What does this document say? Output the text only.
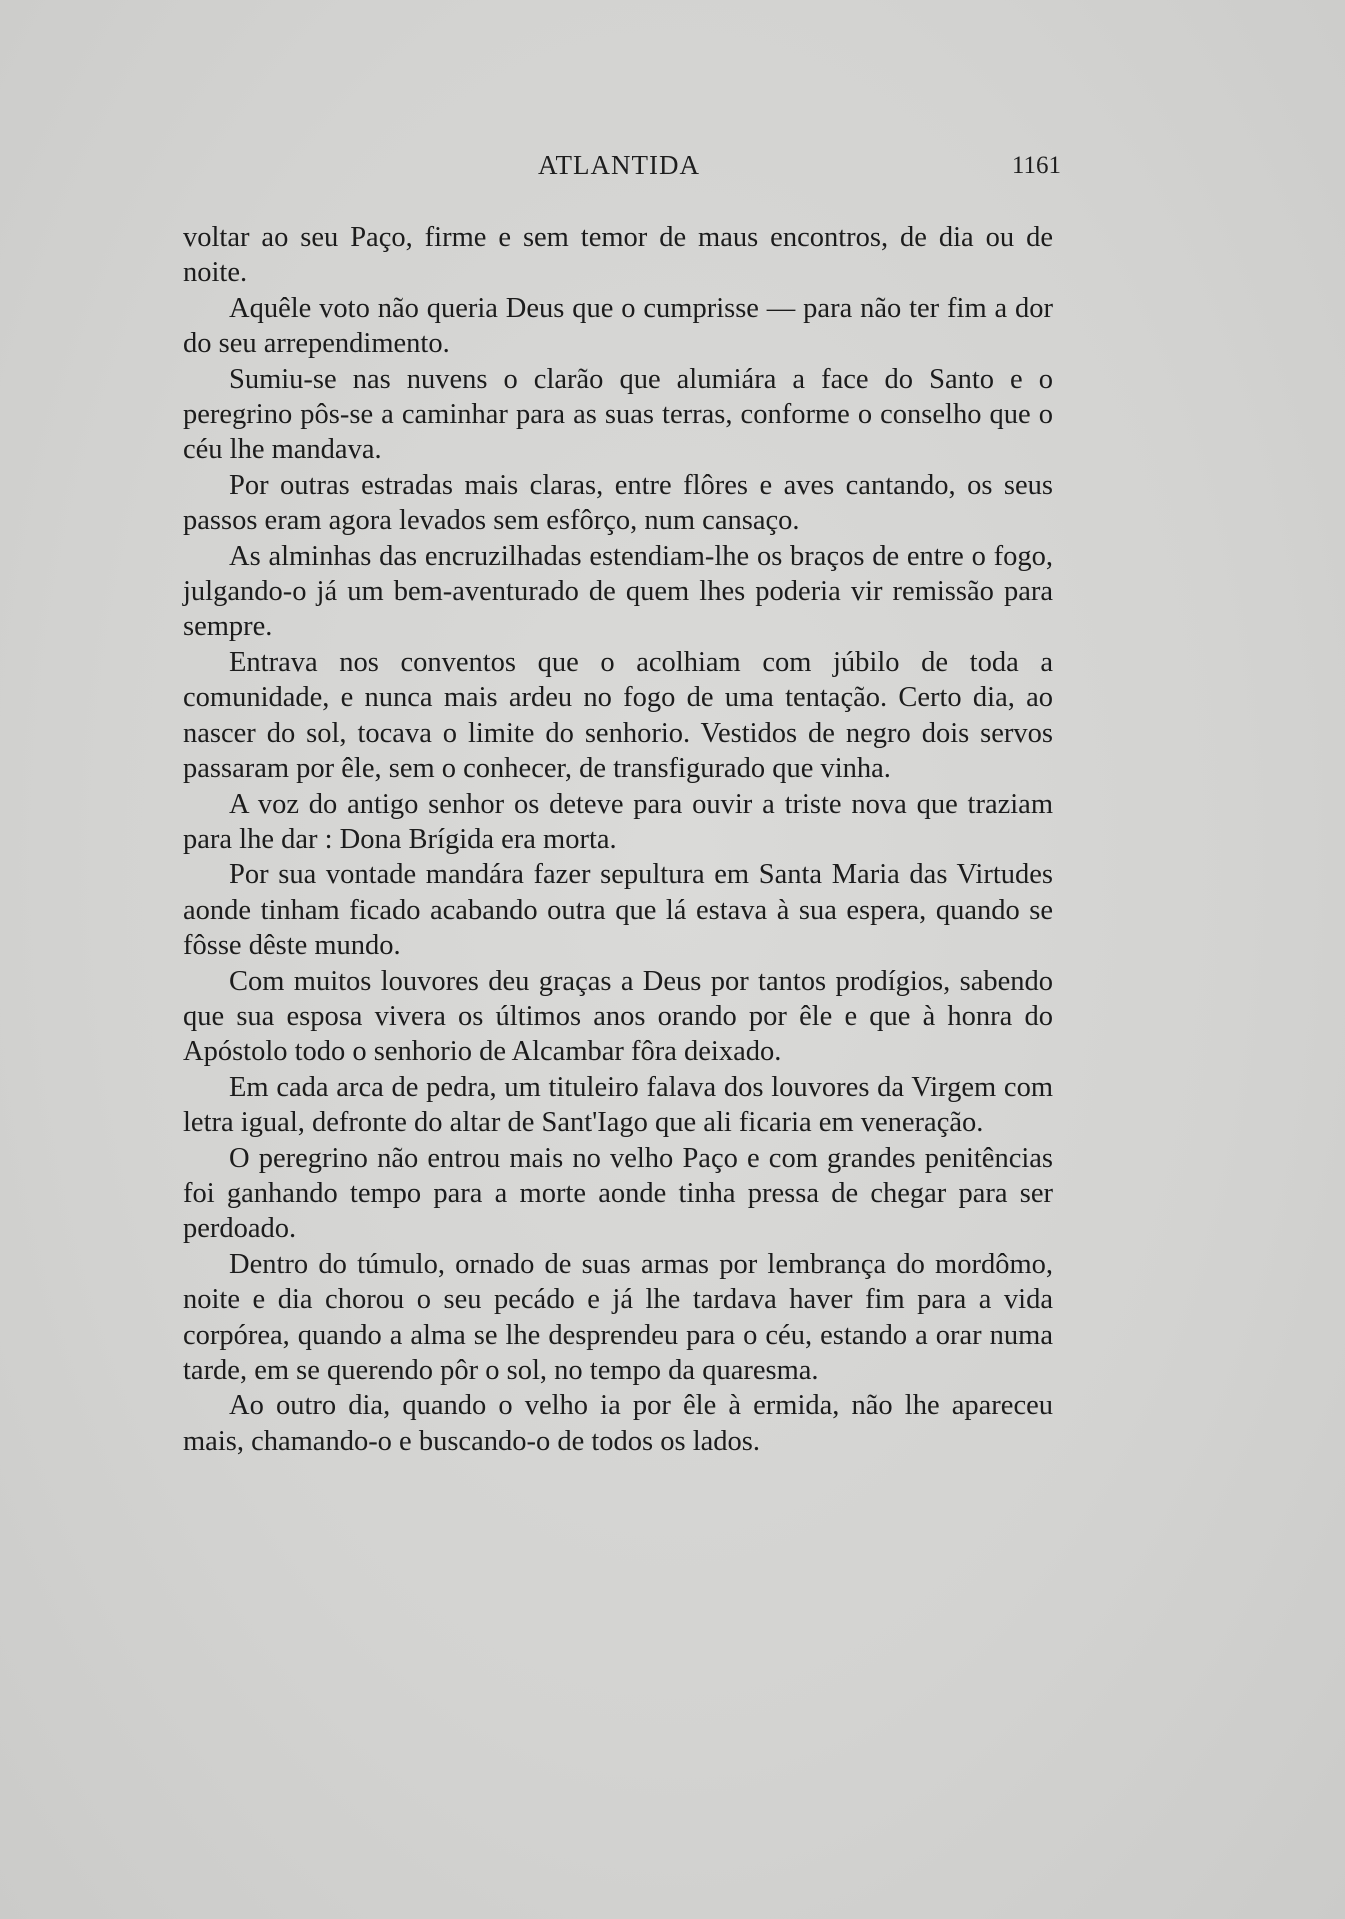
ATLANTIDA	1161

voltar ao seu Paço, firme e sem temor de maus encontros, de dia ou de noite.

Aquêle voto não queria Deus que o cumprisse — para não ter fim a dor do seu arrependimento.

Sumiu-se nas nuvens o clarão que alumiára a face do Santo e o peregrino pôs-se a caminhar para as suas terras, conforme o conselho que o céu lhe mandava.

Por outras estradas mais claras, entre flôres e aves cantando, os seus passos eram agora levados sem esfôrço, num cansaço.

As alminhas das encruzilhadas estendiam-lhe os braços de entre o fogo, julgando-o já um bem-aventurado de quem lhes poderia vir remissão para sempre.

Entrava nos conventos que o acolhiam com júbilo de toda a comunidade, e nunca mais ardeu no fogo de uma tentação. Certo dia, ao nascer do sol, tocava o limite do senhorio. Vestidos de negro dois servos passaram por êle, sem o conhecer, de transfigurado que vinha.

A voz do antigo senhor os deteve para ouvir a triste nova que traziam para lhe dar : Dona Brígida era morta.

Por sua vontade mandára fazer sepultura em Santa Maria das Virtudes aonde tinham ficado acabando outra que lá estava à sua espera, quando se fôsse dêste mundo.

Com muitos louvores deu graças a Deus por tantos prodígios, sabendo que sua esposa vivera os últimos anos orando por êle e que à honra do Apóstolo todo o senhorio de Alcambar fôra deixado.

Em cada arca de pedra, um tituleiro falava dos louvores da Virgem com letra igual, defronte do altar de Sant'Iago que ali ficaria em veneração.

O peregrino não entrou mais no velho Paço e com grandes penitências foi ganhando tempo para a morte aonde tinha pressa de chegar para ser perdoado.

Dentro do túmulo, ornado de suas armas por lembrança do mordômo, noite e dia chorou o seu pecádo e já lhe tardava haver fim para a vida corpórea, quando a alma se lhe desprendeu para o céu, estando a orar numa tarde, em se querendo pôr o sol, no tempo da quaresma.

Ao outro dia, quando o velho ia por êle à ermida, não lhe apareceu mais, chamando-o e buscando-o de todos os lados.
